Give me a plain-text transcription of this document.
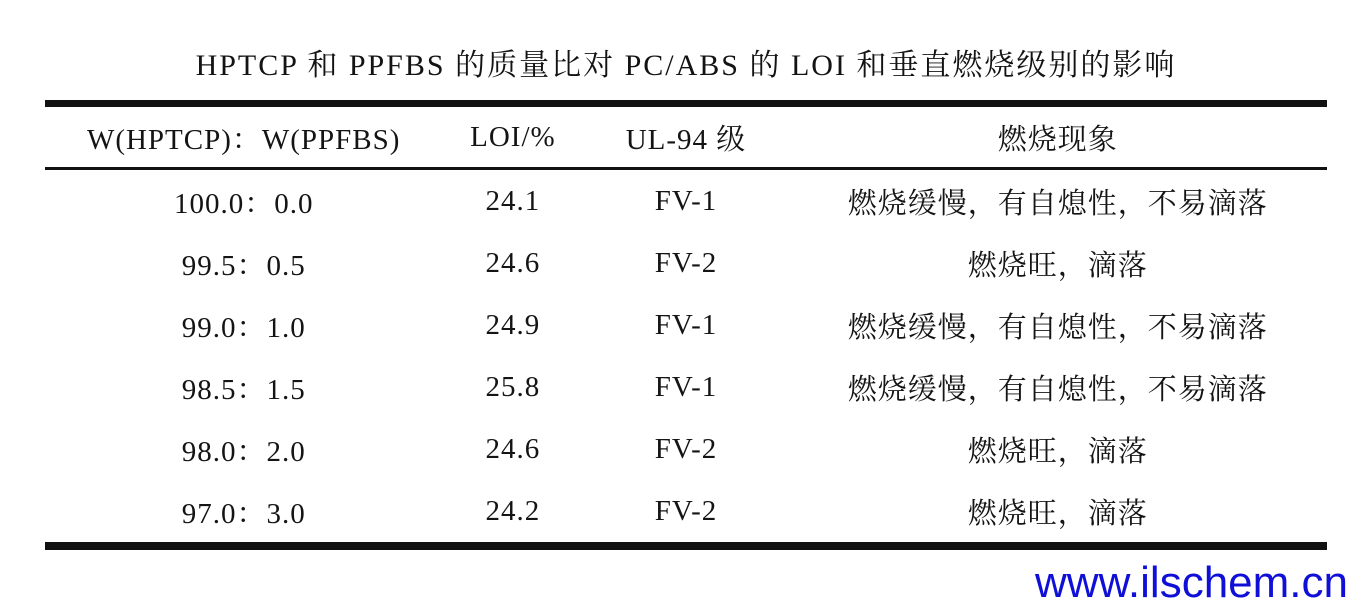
HPTCP 和 PPFBS 的质量比对 PC/ABS 的 LOI 和垂直燃烧级别的影响
W(HPTCP)：W(PPFBS)	LOI/%	UL-94 级	燃烧现象
100.0：0.0	24.1	FV-1	燃烧缓慢，有自熄性，不易滴落
99.5：0.5	24.6	FV-2	燃烧旺，滴落
99.0：1.0	24.9	FV-1	燃烧缓慢，有自熄性，不易滴落
98.5：1.5	25.8	FV-1	燃烧缓慢，有自熄性，不易滴落
98.0：2.0	24.6	FV-2	燃烧旺，滴落
97.0：3.0	24.2	FV-2	燃烧旺，滴落
www.ilschem.cn
